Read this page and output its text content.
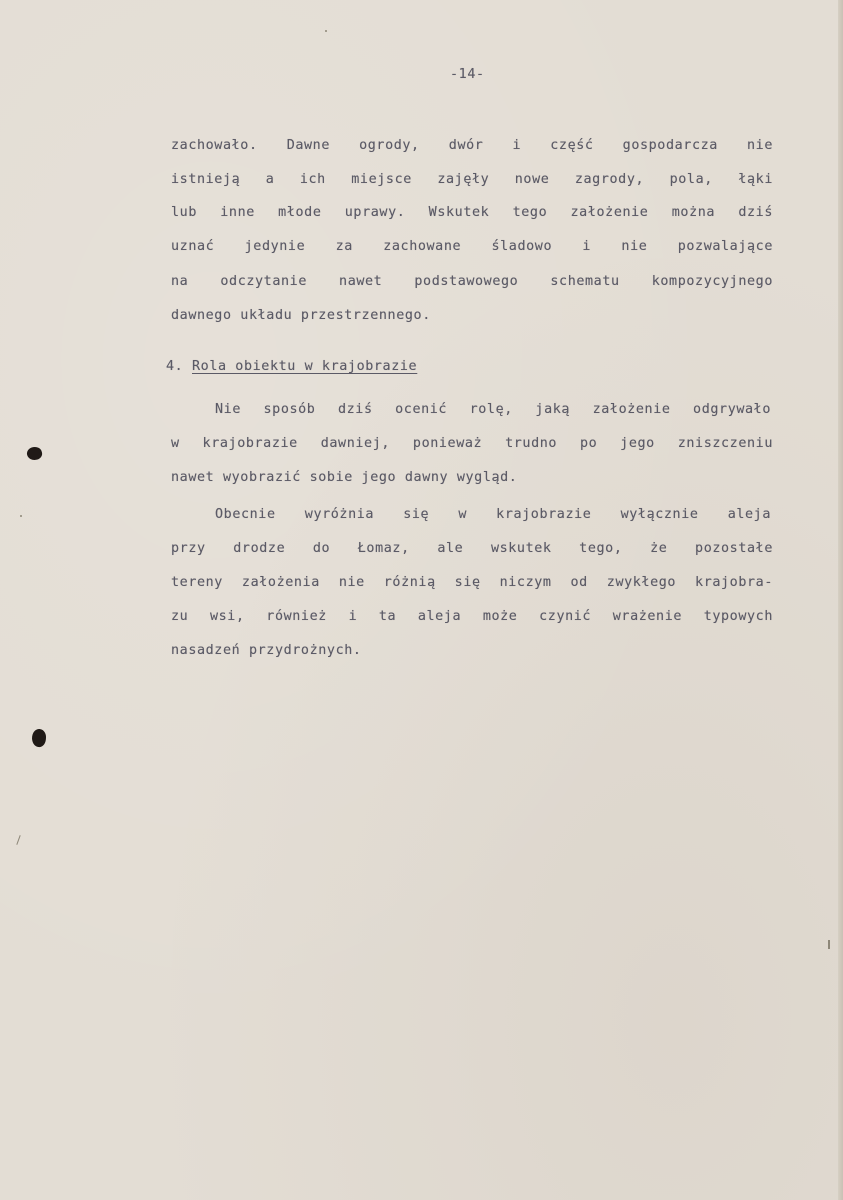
-14-
zachowało. Dawne ogrody, dwór i część gospodarcza nie
istnieją a ich miejsce zajęły nowe zagrody, pola, łąki
lub inne młode uprawy. Wskutek tego założenie można dziś
uznać jedynie za zachowane śladowo i nie pozwalające
na odczytanie nawet podstawowego schematu kompozycyjnego
dawnego układu przestrzennego.
4. Rola obiektu w krajobrazie
Nie sposób dziś ocenić rolę, jaką założenie odgrywało
w krajobrazie dawniej, ponieważ trudno po jego zniszczeniu
nawet wyobrazić sobie jego dawny wygląd.
Obecnie wyróżnia się w krajobrazie wyłącznie aleja
przy drodze do Łomaz, ale wskutek tego, że pozostałe
tereny założenia nie różnią się niczym od zwykłego krajobra-
zu wsi, również i ta aleja może czynić wrażenie typowych
nasadzeń przydrożnych.
